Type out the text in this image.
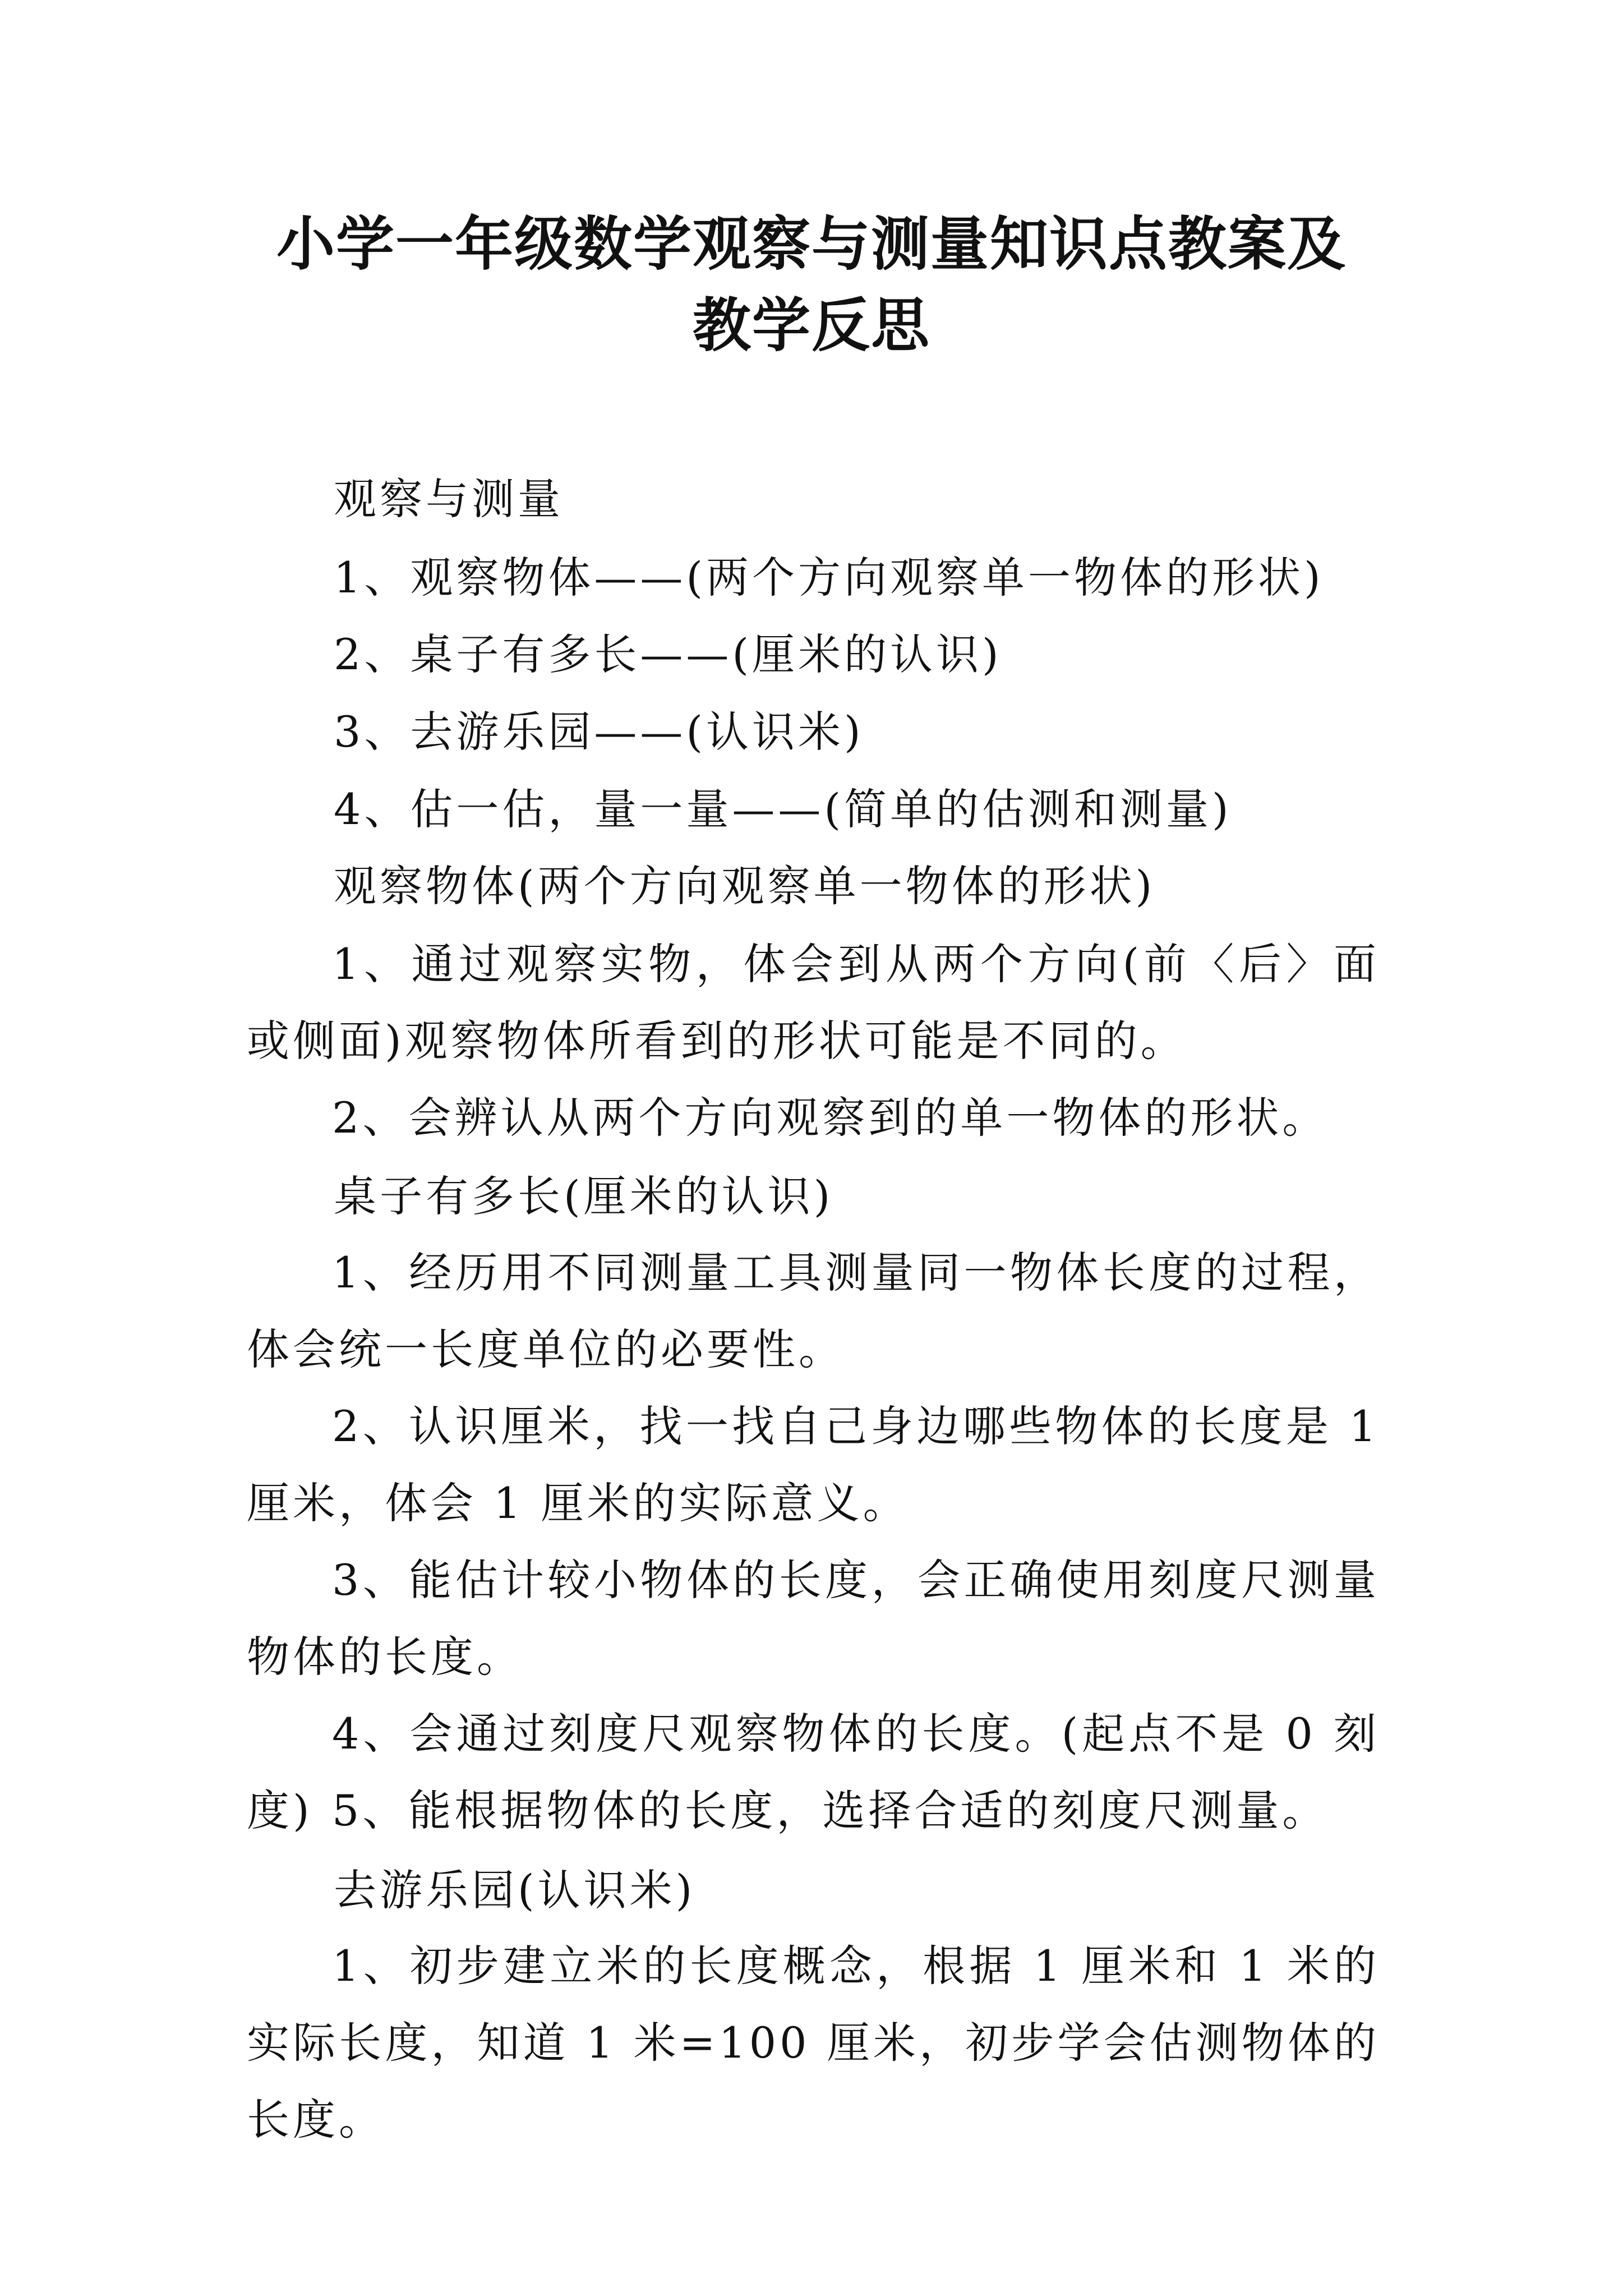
小学一年级数学观察与测量知识点教案及
教学反思
观察与测量
1、观察物体——(两个方向观察单一物体的形状)
2、桌子有多长——(厘米的认识)
3、去游乐园——(认识米)
4、估一估，量一量——(简单的估测和测量)
观察物体(两个方向观察单一物体的形状)
1、通过观察实物，体会到从两个方向(前〈后〉面或侧面)观察物体所看到的形状可能是不同的。
2、会辨认从两个方向观察到的单一物体的形状。
桌子有多长(厘米的认识)
1、经历用不同测量工具测量同一物体长度的过程，体会统一长度单位的必要性。
2、认识厘米，找一找自己身边哪些物体的长度是 1 厘米，体会 1 厘米的实际意义。
3、能估计较小物体的长度，会正确使用刻度尺测量物体的长度。
4、会通过刻度尺观察物体的长度。(起点不是 0 刻度) 5、能根据物体的长度，选择合适的刻度尺测量。
去游乐园(认识米)
1、初步建立米的长度概念，根据 1 厘米和 1 米的实际长度，知道 1 米=100 厘米，初步学会估测物体的长度。
